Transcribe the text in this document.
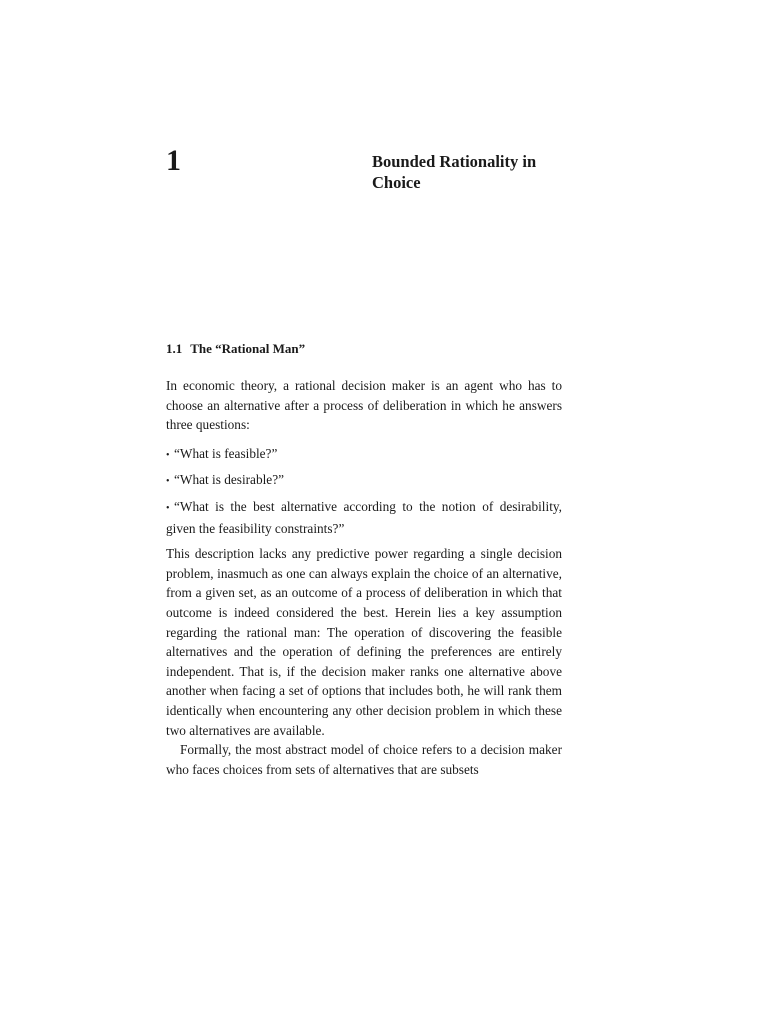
1	Bounded Rationality in
Choice
1.1 The “Rational Man”

In economic theory, a rational decision maker is an agent who has to choose an alternative after a process of deliberation in which he answers three questions:

• “What is feasible?”
• “What is desirable?”
• “What is the best alternative according to the notion of desirability, given the feasibility constraints?”

This description lacks any predictive power regarding a single decision problem, inasmuch as one can always explain the choice of an alternative, from a given set, as an outcome of a process of deliberation in which that outcome is indeed considered the best. Herein lies a key assumption regarding the rational man: The operation of discovering the feasible alternatives and the operation of defining the preferences are entirely independent. That is, if the decision maker ranks one alternative above another when facing a set of options that includes both, he will rank them identically when encountering any other decision problem in which these two alternatives are available.

Formally, the most abstract model of choice refers to a decision maker who faces choices from sets of alternatives that are subsets
